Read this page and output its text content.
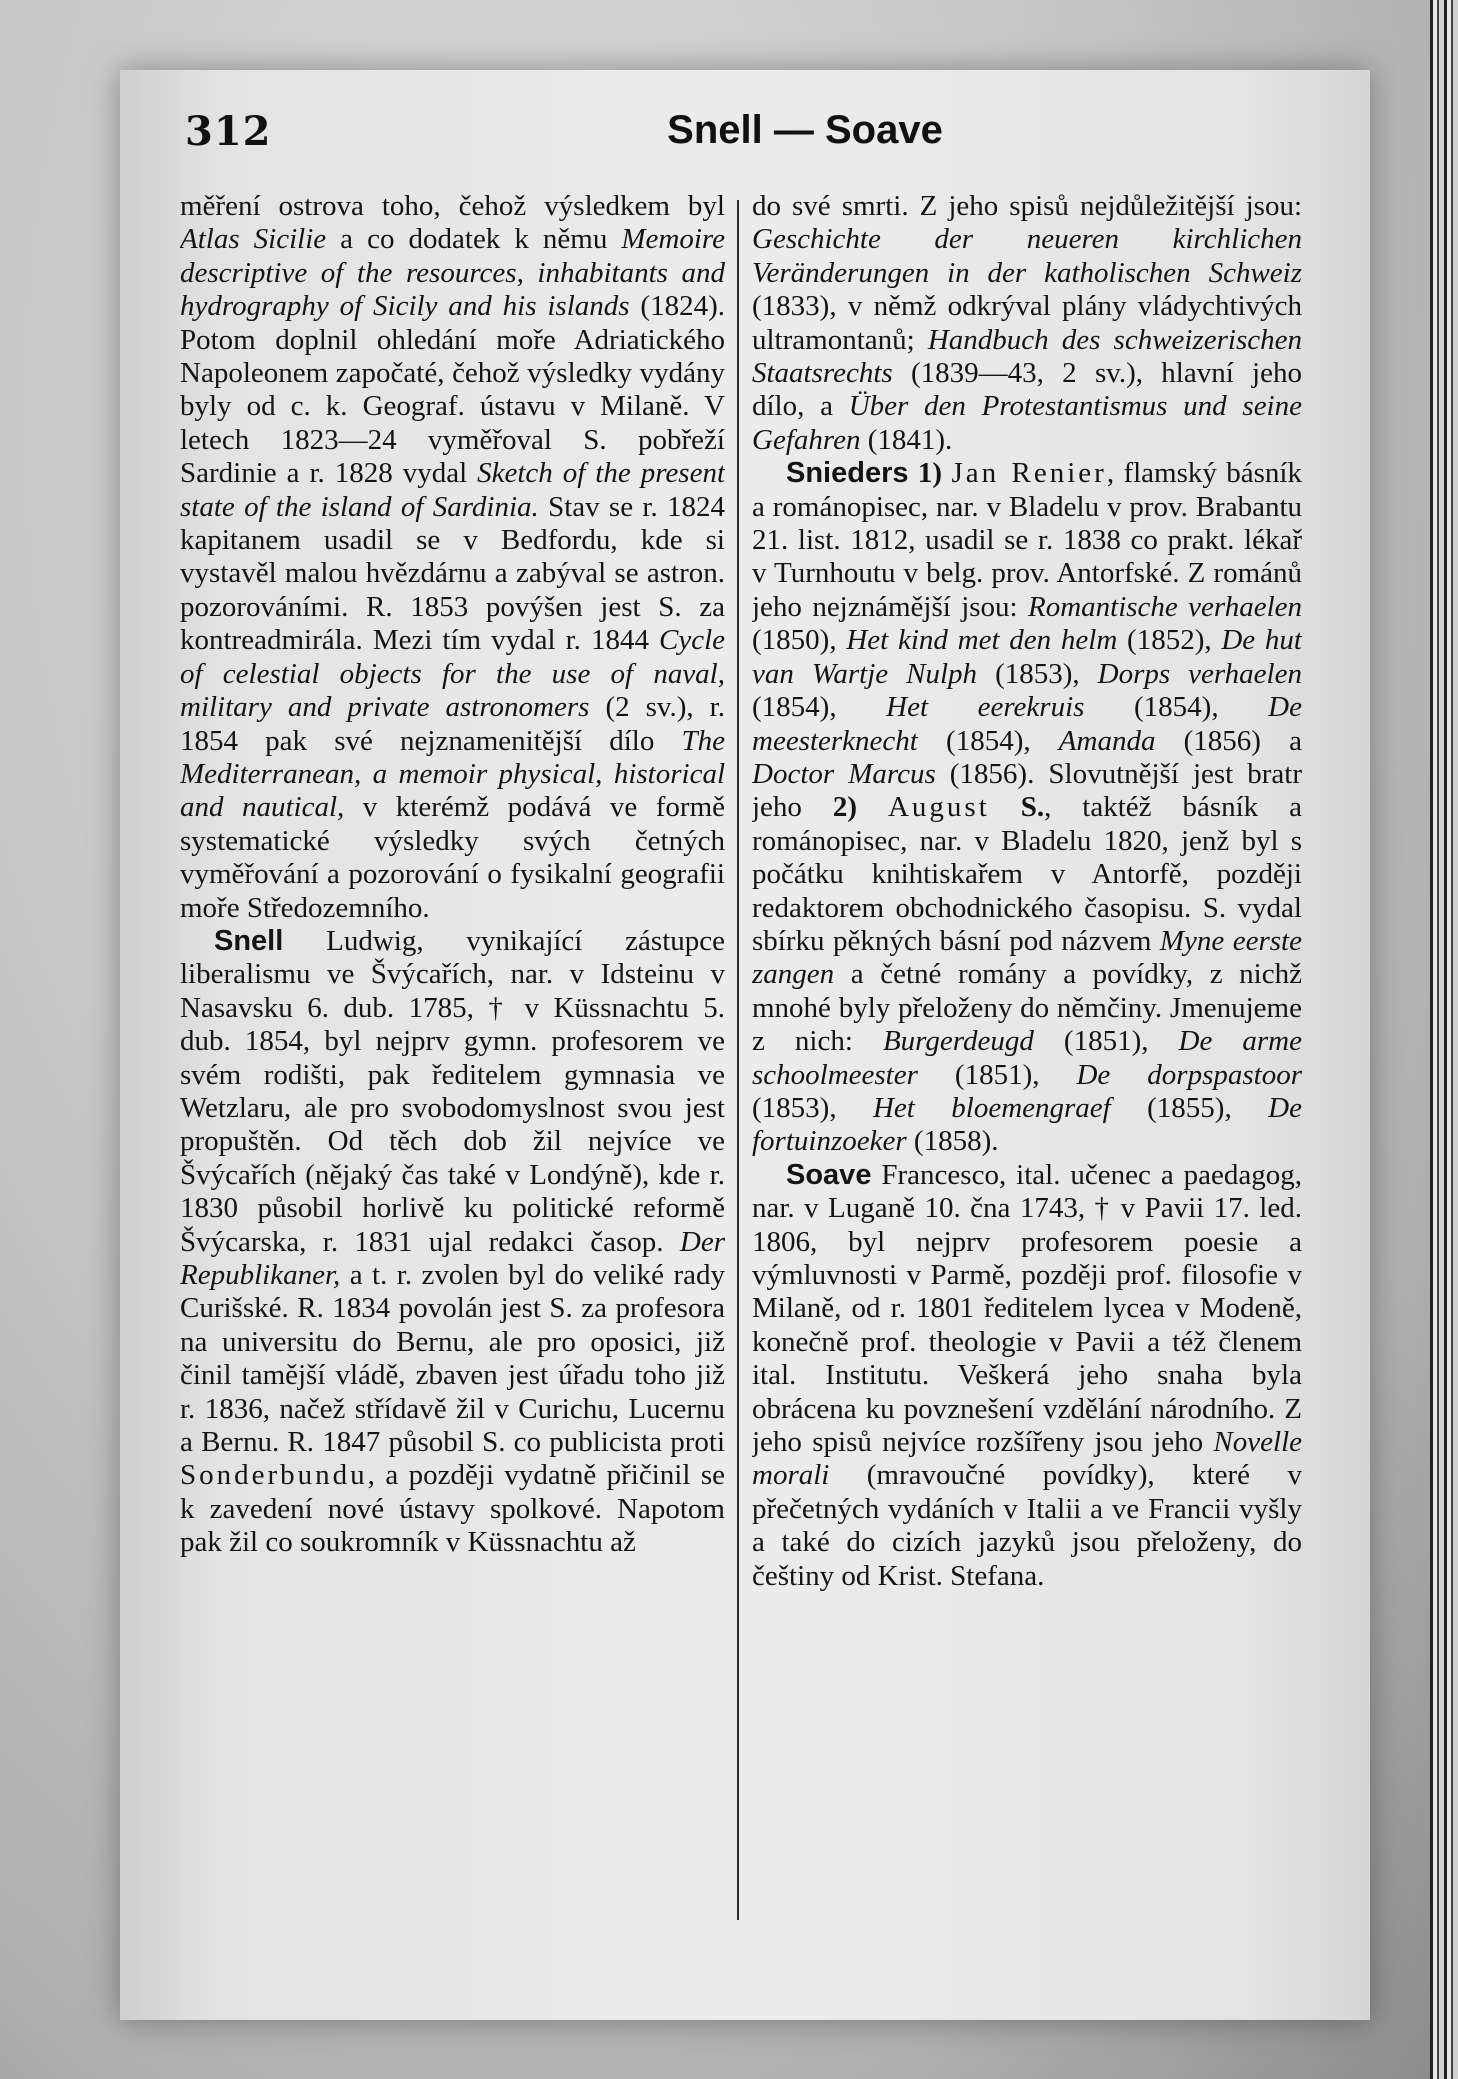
312	Snell — Soave

měření ostrova toho, čehož výsledkem byl Atlas Sicilie a co dodatek k němu Memoire descriptive of the resources, inhabitants and hydrography of Sicily and his islands (1824). Potom doplnil ohledání moře Adriatického Napoleonem započaté, čehož výsledky vydány byly od c. k. Geograf. ústavu v Milaně. V letech 1823—24 vyměřoval S. pobřeží Sardinie a r. 1828 vydal Sketch of the present state of the island of Sardinia. Stav se r. 1824 kapitanem usadil se v Bedfordu, kde si vystavěl malou hvězdárnu a zabýval se astron. pozorováními. R. 1853 povýšen jest S. za kontreadmirála. Mezi tím vydal r. 1844 Cycle of celestial objects for the use of naval, military and private astronomers (2 sv.), r. 1854 pak své nejznamenitější dílo The Mediterranean, a memoir physical, historical and nautical, v kterémž podává ve formě systematické výsledky svých četných vyměřování a pozorování o fysikalní geografii moře Středozemního.

Snell Ludwig, vynikající zástupce liberalismu ve Švýcařích, nar. v Idsteinu v Nasavsku 6. dub. 1785, † v Küssnachtu 5. dub. 1854, byl nejprv gymn. profesorem ve svém rodišti, pak ředitelem gymnasia ve Wetzlaru, ale pro svobodomyslnost svou jest propuštěn. Od těch dob žil nejvíce ve Švýcařích (nějaký čas také v Londýně), kde r. 1830 působil horlivě ku politické reformě Švýcarska, r. 1831 ujal redakci časop. Der Republikaner, a t. r. zvolen byl do veliké rady Curišské. R. 1834 povolán jest S. za profesora na universitu do Bernu, ale pro oposici, již činil tamější vládě, zbaven jest úřadu toho již r. 1836, načež střídavě žil v Curichu, Lucernu a Bernu. R. 1847 působil S. co publicista proti Sonderbundu, a později vydatně přičinil se k zavedení nové ústavy spolkové. Napotom pak žil co soukromník v Küssnachtu až

do své smrti. Z jeho spisů nejdůležitější jsou: Geschichte der neueren kirchlichen Veränderungen in der katholischen Schweiz (1833), v němž odkrýval plány vládychtivých ultramontanů; Handbuch des schweizerischen Staatsrechts (1839—43, 2 sv.), hlavní jeho dílo, a Über den Protestantismus und seine Gefahren (1841).

Snieders 1) Jan Renier, flamský básník a románopisec, nar. v Bladelu v prov. Brabantu 21. list. 1812, usadil se r. 1838 co prakt. lékař v Turnhoutu v belg. prov. Antorfské. Z románů jeho nejznámější jsou: Romantische verhaelen (1850), Het kind met den helm (1852), De hut van Wartje Nulph (1853), Dorps verhaelen (1854), Het eerekruis (1854), De meesterknecht (1854), Amanda (1856) a Doctor Marcus (1856). Slovutnější jest bratr jeho 2) August S., taktéž básník a románopisec, nar. v Bladelu 1820, jenž byl s počátku knihtiskařem v Antorfě, později redaktorem obchodnického časopisu. S. vydal sbírku pěkných básní pod názvem Myne eerste zangen a četné romány a povídky, z nichž mnohé byly přeloženy do němčiny. Jmenujeme z nich: Burgerdeugd (1851), De arme schoolmeester (1851), De dorpspastoor (1853), Het bloemengraef (1855), De fortuinzoeker (1858).

Soave Francesco, ital. učenec a paedagog, nar. v Luganě 10. čna 1743, † v Pavii 17. led. 1806, byl nejprv profesorem poesie a výmluvnosti v Parmě, později prof. filosofie v Milaně, od r. 1801 ředitelem lycea v Modeně, konečně prof. theologie v Pavii a též členem ital. Institutu. Veškerá jeho snaha byla obrácena ku povznešení vzdělání národního. Z jeho spisů nejvíce rozšířeny jsou jeho Novelle morali (mravoučné povídky), které v přečetných vydáních v Italii a ve Francii vyšly a také do cizích jazyků jsou přeloženy, do češtiny od Krist. Stefana.
